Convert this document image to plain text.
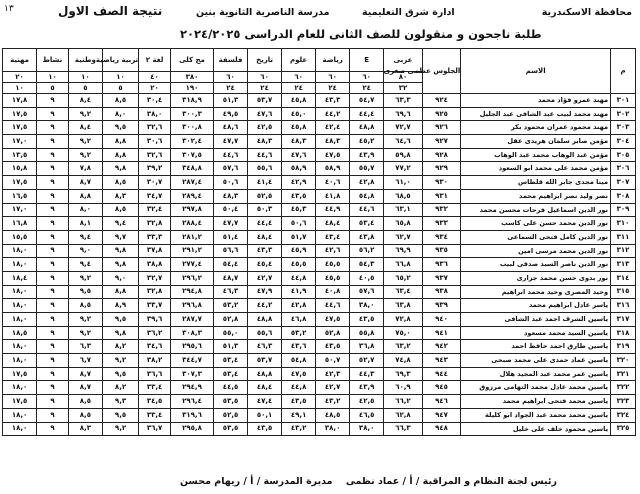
محافظة الاسكندرية
ادارة شرق التعليمية
مدرسة الناصرية الثانوية بنين
نتيجة الصف الاول
١٣
طلبة ناجحون و منقولون للصف الثانى للعام الدراسى ٢٠٢٤/٢٠٢٥
م	الاسم	الجلوس عظمى صغرى	عربى	E	رياضة	علوم	تاريخ	فلسفة	مج كلى	لغة ٢	تربية رياضية	وطنية	نشاط	مهنية
			٨٠	٦٠	٦٠	٦٠	٦٠	٦٠	٣٨٠	٤٠	١٠	١٠	١٠	٢٠
			٣٢	٢٤	٢٤	٢٤	٢٤	٢٤	١٩٠	٢٠	٥	٥	٥	١٠
٣٠١	مهند عمرو فؤاد محمد	٩٢٤	٦٣,٣	٥٤,٧	٤٣,٣	٤٥,٨	٥٣,٧	٥١,٣	٣١٨,٩	٣٠,٤	٨,٥	٨,٤	٩	١٧,٨
٣٠٢	مهند محمد لبيب عبد الشافى عبد الجليل	٩٢٥	٦٩,٦	٤٤,٤	٤٤,٢	٤٥,٠	٤٧,٦	٤٩,٥	٣٠٠,٣	٣٨,٠	٨,٠	٩,٢	٩	١٧,٥
٣٠٣	مهند محمود عمران محمود بكر	٩٢٦	٧٢,٧	٤٨,٨	٤٢,٤	٤٥,٨	٤٢,٥	٤٨,٦	٣٠٠,٨	٣٢,٦	٩,٥	٨,٤	٩	١٧,٥
٣٠٤	مؤمن صابر سلمان هريدى عقل	٩٢٧	٦٤,٦	٤٥,٢	٤٨,٣	٤٨,٣	٤٨,٣	٤٧,٧	٣٠٢,٤	٣٠,٦	٨,٨	٩,٢	٩	١٧,٠
٣٠٥	مؤمن عبد الوهاب محمد عبد الوهاب	٩٢٨	٥٩,٨	٤٣,٩	٤٧,٥	٤٧,٦	٤٤,٦	٤٤,٦	٣٠٧,٥	٣٢,٦	٨,٨	٩,٢	٩	١٣,٥
٣٠٦	مؤمن محمد على محمد ابو السعود	٩٢٩	٧٧,٢	٥٥,٧	٥٨,٩	٥٨,٩	٥٥,٦	٥٧,٦	٣٤٨,٨	٣٩,٢	٩,٨	٧,٨	٩	١٥,٨
٣٠٧	مينا مجدى جابر الله قلطاس	٩٣٠	٦١,٠	٤٢,٨	٤٠,٦	٤٢,٩	٤١,٤	٥٠,٦	٢٨٧,٤	٣٠,٧	٨,٥	٨,٧	٩	١٧,٥
٣٠٨	نصر وليد نصر ابراهيم محمد	٩٣١	٦٨,٥	٥٤,٨	٤١,٨	٤٣,٥	٥٢,٥	٤٨,٣	٢٨٩,٤	٣٤,٧	٨,٣	٨,٨	٩	١٦,٥
٣٠٩	نور الدين اسماعيل فرحات محسن محمد	٩٣٢	٦٣,١	٤٤,٦	٤٤,٩	٤٥,٣	٥٠,٣	٥٠,٤	٢٩٧,٨	٣٢,٤	٨,٥	٨,٠	٩	١٧,٠
٣١٠	نور الدين محمد حسن على كاسب	٩٣٣	٦٥,٨	٥٣,٤	٤٨,٤	٥٠,٦	٤٤,٤	٤٧,٧	٢٨٨,٤	٣٢,٨	٩,٤	٨,١	٩	١٦,٨
٣١١	نور الدين كامل فتحى السماعى	٩٣٤	٦٢,٧	٤٣,٨	٤٣,٤	٥١,٧	٤٨,٤	٥١,٤	٢٨١,٢	٣٣,٣	٩,٧	٩,٤	٩	١٥,٥
٣١٢	نور الدين محمد مرسى امين	٩٣٥	٦٩,٩	٥٦,٢	٤٢,٦	٤٥,٩	٤٣,٣	٥٦,٦	٢٩١,٢	٣٧,٨	٩,٨	٩,٠	٩	١٨,٠
٣١٣	نور الدين ناصر السيد صدقى لبيب	٩٣٦	٦٦,٨	٥٤,٣	٤٥,٥	٤٥,٥	٤٥,٤	٥٤,٤	٢٧٧,٤	٣٨,٨	٩,٨	٩,٤	٩	١٨,٠
٣١٤	نور بدوى حسن محمد جزارى	٩٣٧	٦٥,٢	٤٠,٥	٤٥,٥	٤٤,٨	٤٢,٧	٤٨,٧	٢٩٦,٢	٣٢,٧	٩,٠	٩,٢	٩	١٨,٤
٣١٥	وحيد المصرى وحيد محمد ابراهيم	٩٣٨	٦٣,٤	٥٧,٦	٤٠,٨	٤١,٩	٤٧,٩	٤٦,٣	٢٩٤,٨	٣٢,٨	٨,٨	٩,٥	٩	١٨,٠
٣١٦	ياسر عادل ابراهيم محمد	٩٣٩	٦٣,٨	٣٨,٠	٤٤,٦	٤٢,٨	٤٤,٢	٥٣,٢	٢٩٦,٨	٣٣,٧	٨,٩	٨,٥	٩	١٨,٠
٣١٧	ياسين الشرف احمد عبد الشافى	٩٤٠	٧٢,٨	٤٣,٥	٤٧,٥	٤٦,٨	٤٨,٨	٥٢,٨	٢٨٧,٧	٣٩,٦	٩,٥	٩,٢	٩	١٨,٠
٣١٨	ياسين السيد محمد مسعود	٩٤١	٧٥,٠	٥٥,٨	٥٢,٨	٥٣,٢	٥٥,٦	٥٥,٠	٣٠٨,٣	٣٦,٢	٩,٨	٩,٢	٩	١٨,٥
٣١٩	ياسين طارق احمد حافظ احمد	٩٤٢	٦٣,٢	٣٦,٨	٤٣,٥	٤٣,٦	٤٦,٣	٥١,٣	٢٩٥,٦	٣٤,٦	٨,٢	٦,٣	٩	١٨,٠
٣٢٠	ياسين عماد حمدى على محمد صبحى	٩٤٣	٧٤,٨	٥٢,٧	٥٠,٧	٥٤,٨	٥٣,٧	٥٣,٤	٣٤٤,٧	٣٨,٢	٩,٢	٦,٧	٩	١٨,٠
٣٢١	ياسين عمر محمد عبد المجيد هلال	٩٤٤	٦٩,٣	٤٤,٣	٤٢,٣	٤٧,٥	٤٨,٨	٥٣,٤	٣٠٧,٣	٣٦,٦	٩,٥	٨,٧	٩	١٧,٥
٣٢٢	ياسين محمد عادل محمد التهامى مرزوق	٩٤٥	٦٠,٩	٤٣,٩	٤٢,٧	٤٤,٨	٤٨,٤	٤٤,٥	٢٩٤,٩	٣٣,٤	٨,٢	٨,٧	٩	١٨,٠
٣٢٣	ياسين محمد فتحى ابراهيم محمد	٩٤٦	٦٦,٢	٤٢,٥	٤٣,٢	٤٣,٥	٤٧,٤	٥٣,٥	٢٩٦,٤	٣٤,٥	٩,٣	٨,٥	٩	١٧,٥
٣٢٤	ياسين محمد محمد عبد الجواد ابو كليلة	٩٤٧	٦٢,٨	٤٦,٥	٤٨,٥	٤٩,١	٥٠,١	٥٢,٥	٣١٩,٦	٣٣,٤	٩,٥	٨,٥	٩	١٨,٠
٣٢٥	ياسين محمود خلف على خليل	٩٤٨	٦٦,٣	٣٨,٠	٣٨,٠	٤٣,٢	٤٣,٥	٥٣,٥	٢٩٥,٨	٣٦,٧	٩,٢	٨,٣	٩	١٨,٠
رئيس لجنة النظام و المراقبة / أ / عماد نظمى مديرة المدرسة / أ / ريهام محسن
